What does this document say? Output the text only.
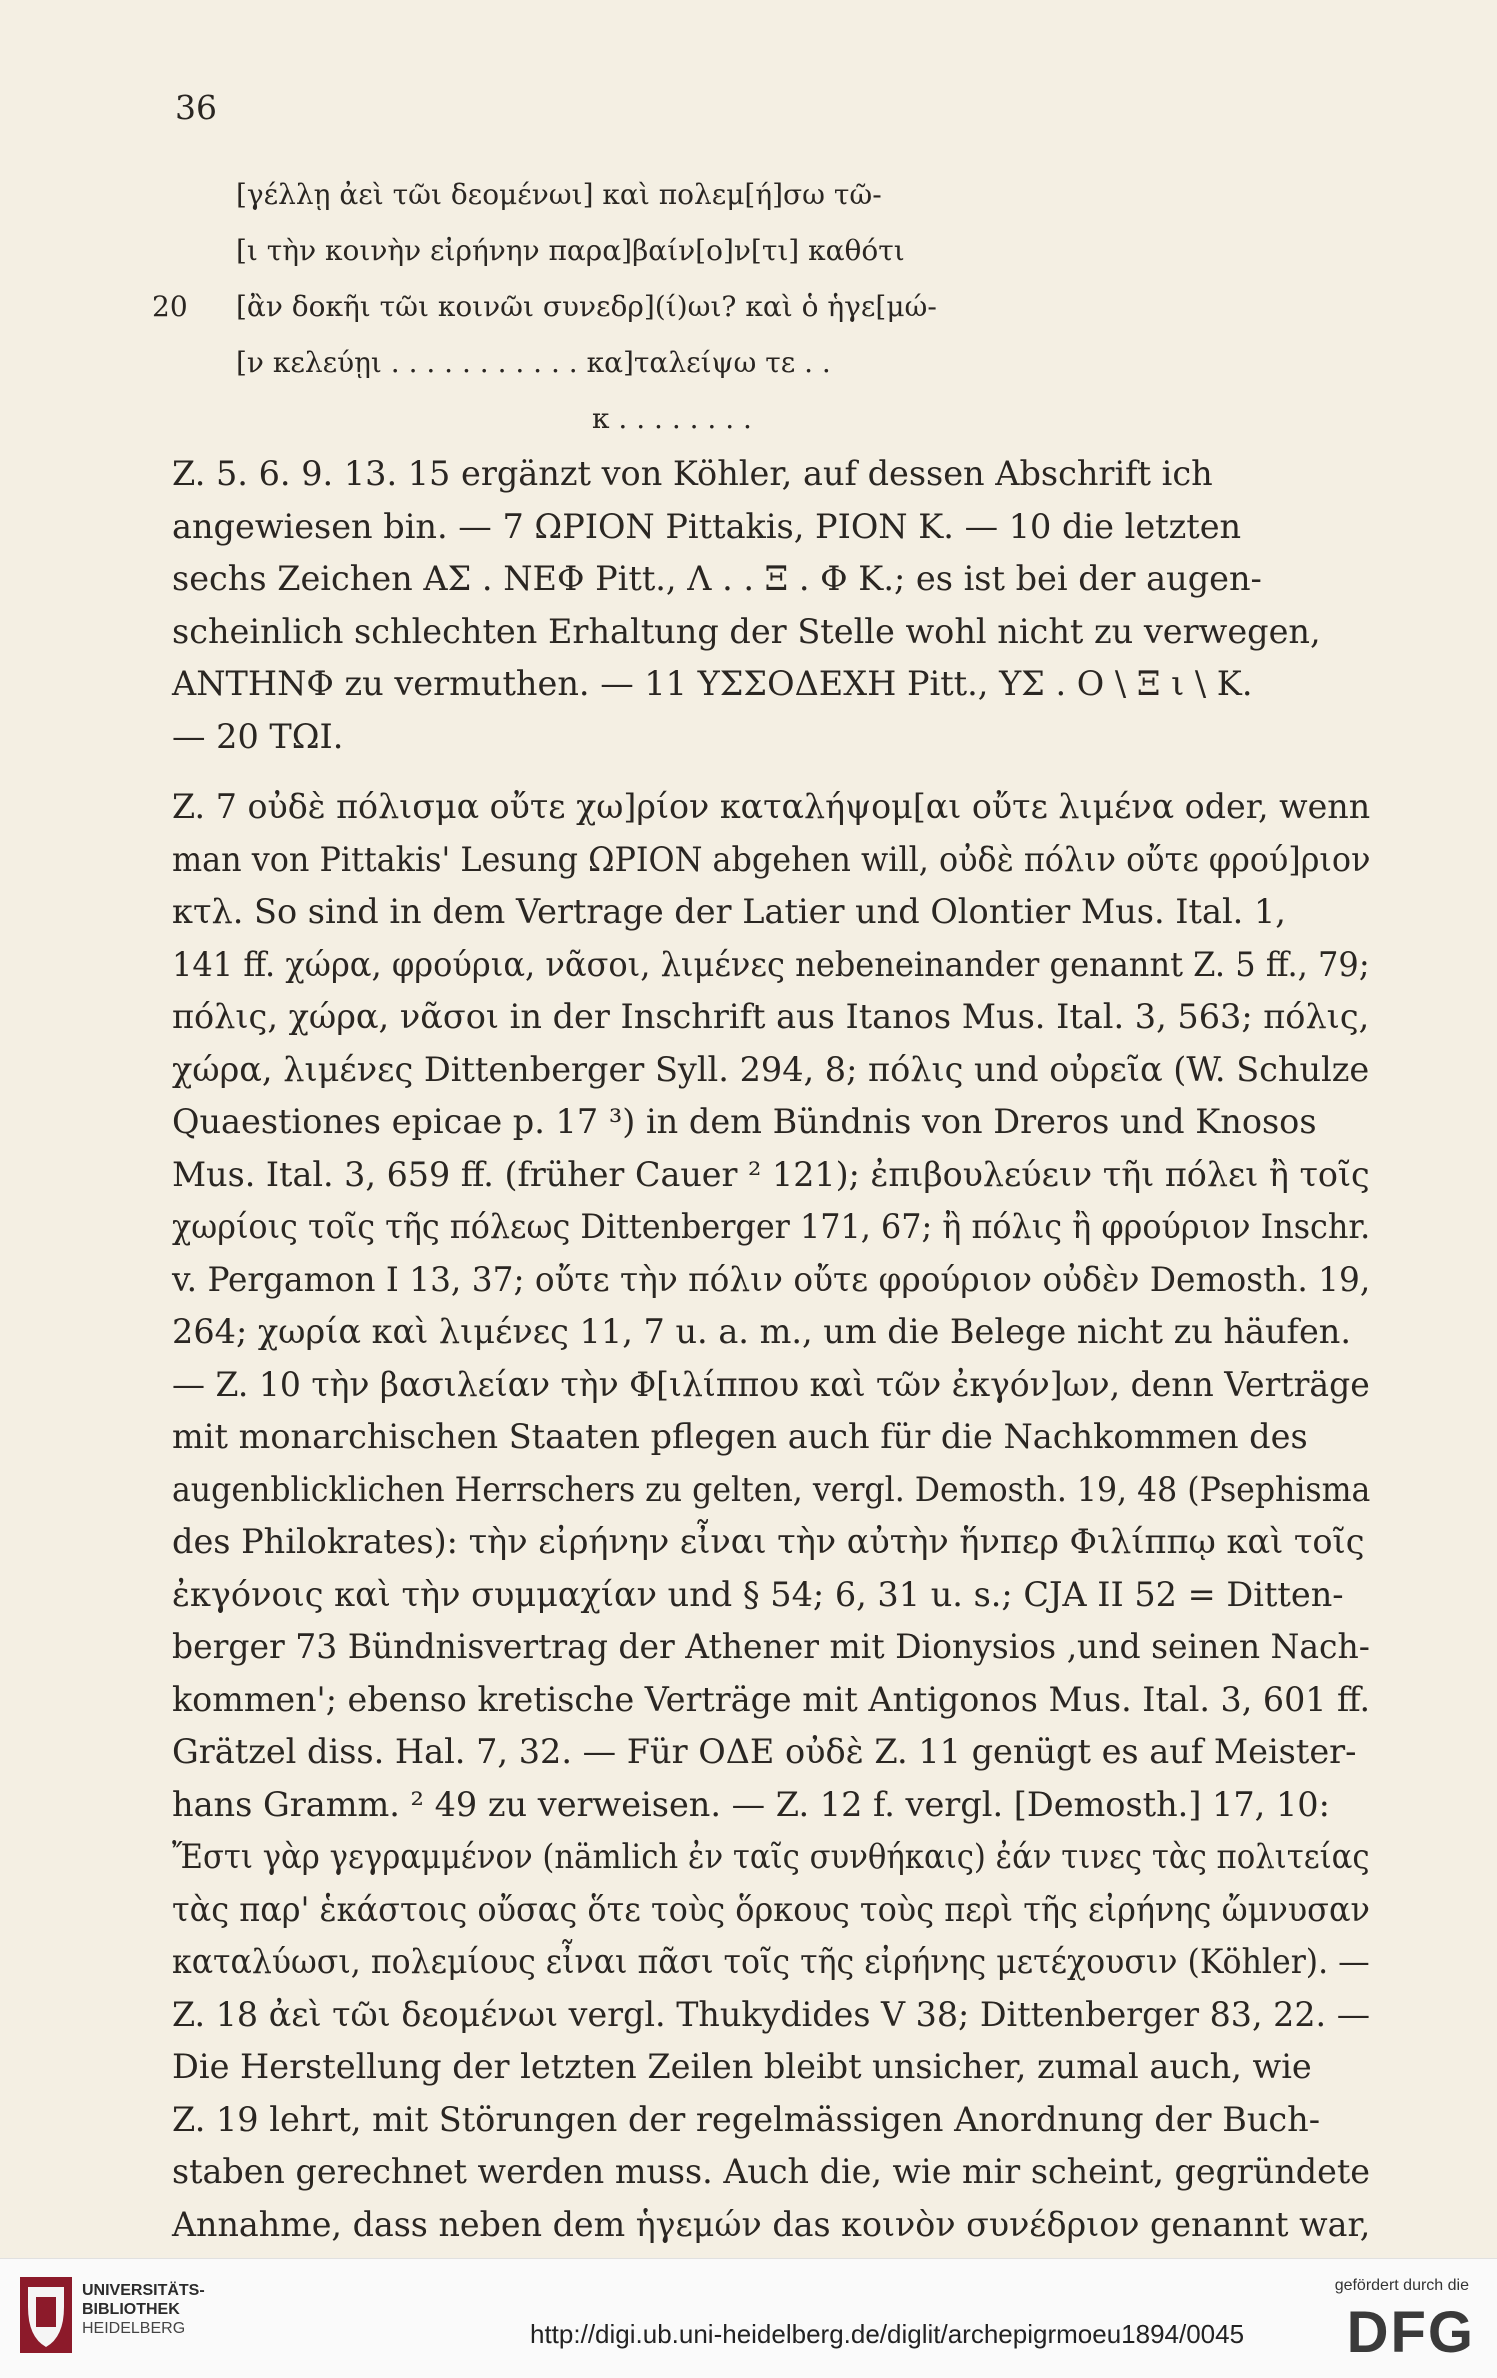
36
[γέλλῃ ἀεὶ τῶι δεομένωι] καὶ πολεμ[ή]σω τῶ-
[ι τὴν κοινὴν εἰρήνην παρα]βαίν[ο]ν[τι] καθότι
20	[ἂν δοκῆι τῶι κοινῶι συνεδρ](ί)ωι? καὶ ὁ ἡγε[μώ-
[ν κελεύῃι . . . . . . . . . . . κα]ταλείψω τε . .
κ . . . . . . . .

Z. 5. 6. 9. 13. 15 ergänzt von Köhler, auf dessen Abschrift ich

angewiesen bin. — 7 ΩΡΙΟΝ Pittakis, ΡΙΟΝ K. — 10 die letzten

sechs Zeichen ΑΣ . ΝΕΦ Pitt., Λ . . Ξ . Φ K.; es ist bei der augen-

scheinlich schlechten Erhaltung der Stelle wohl nicht zu verwegen,

ΑΝΤΗΝΦ zu vermuthen. — 11 ΥΣΣΟΔΕΧΗ Pitt., ΥΣ . Ο \ Ξ ι \ K.

— 20 ΤΩΙ.

Z. 7 οὐδὲ πόλισμα οὔτε χω]ρίον καταλήψομ[αι οὔτε λιμένα oder, wenn

man von Pittakis' Lesung ΩΡΙΟΝ abgehen will, οὐδὲ πόλιν οὔτε φρού]ριον

κτλ. So sind in dem Vertrage der Latier und Olontier Mus. Ital. 1,

141 ff. χώρα, φρούρια, νᾶσοι, λιμένες nebeneinander genannt Z. 5 ff., 79;

πόλις, χώρα, νᾶσοι in der Inschrift aus Itanos Mus. Ital. 3, 563; πόλις,

χώρα, λιμένες Dittenberger Syll. 294, 8; πόλις und οὐρεῖα (W. Schulze

Quaestiones epicae p. 17 ³) in dem Bündnis von Dreros und Knosos

Mus. Ital. 3, 659 ff. (früher Cauer ² 121); ἐπιβουλεύειν τῆι πόλει ἢ τοῖς

χωρίοις τοῖς τῆς πόλεως Dittenberger 171, 67; ἢ πόλις ἢ φρούριον Inschr.

v. Pergamon I 13, 37; οὔτε τὴν πόλιν οὔτε φρούριον οὐδὲν Demosth. 19,

264; χωρία καὶ λιμένες 11, 7 u. a. m., um die Belege nicht zu häufen.

— Z. 10 τὴν βασιλείαν τὴν Φ[ιλίππου καὶ τῶν ἐκγόν]ων, denn Verträge

mit monarchischen Staaten pflegen auch für die Nachkommen des

augenblicklichen Herrschers zu gelten, vergl. Demosth. 19, 48 (Psephisma

des Philokrates): τὴν εἰρήνην εἶναι τὴν αὐτὴν ἥνπερ Φιλίππῳ καὶ τοῖς

ἐκγόνοις καὶ τὴν συμμαχίαν und § 54; 6, 31 u. s.; CJA II 52 = Ditten-

berger 73 Bündnisvertrag der Athener mit Dionysios ‚und seinen Nach-

kommen'; ebenso kretische Verträge mit Antigonos Mus. Ital. 3, 601 ff.

Grätzel diss. Hal. 7, 32. — Für ΟΔΕ οὐδὲ Z. 11 genügt es auf Meister-

hans Gramm. ² 49 zu verweisen. — Z. 12 f. vergl. [Demosth.] 17, 10:

Ἔστι γὰρ γεγραμμένον (nämlich ἐν ταῖς συνθήκαις) ἐάν τινες τὰς πολιτείας

τὰς παρ' ἑκάστοις οὔσας ὅτε τοὺς ὅρκους τοὺς περὶ τῆς εἰρήνης ὤμνυσαν

καταλύωσι, πολεμίους εἶναι πᾶσι τοῖς τῆς εἰρήνης μετέχουσιν (Köhler). —

Z. 18 ἀεὶ τῶι δεομένωι vergl. Thukydides V 38; Dittenberger 83, 22. —

Die Herstellung der letzten Zeilen bleibt unsicher, zumal auch, wie

Z. 19 lehrt, mit Störungen der regelmässigen Anordnung der Buch-

staben gerechnet werden muss. Auch die, wie mir scheint, gegründete

Annahme, dass neben dem ἡγεμών das κοινὸν συνέδριον genannt war,

UNIVERSITÄTS-
BIBLIOTHEK
HEIDELBERG	http://digi.ub.uni-heidelberg.de/diglit/archepigrmoeu1894/0045
gefördert durch die
DFG
